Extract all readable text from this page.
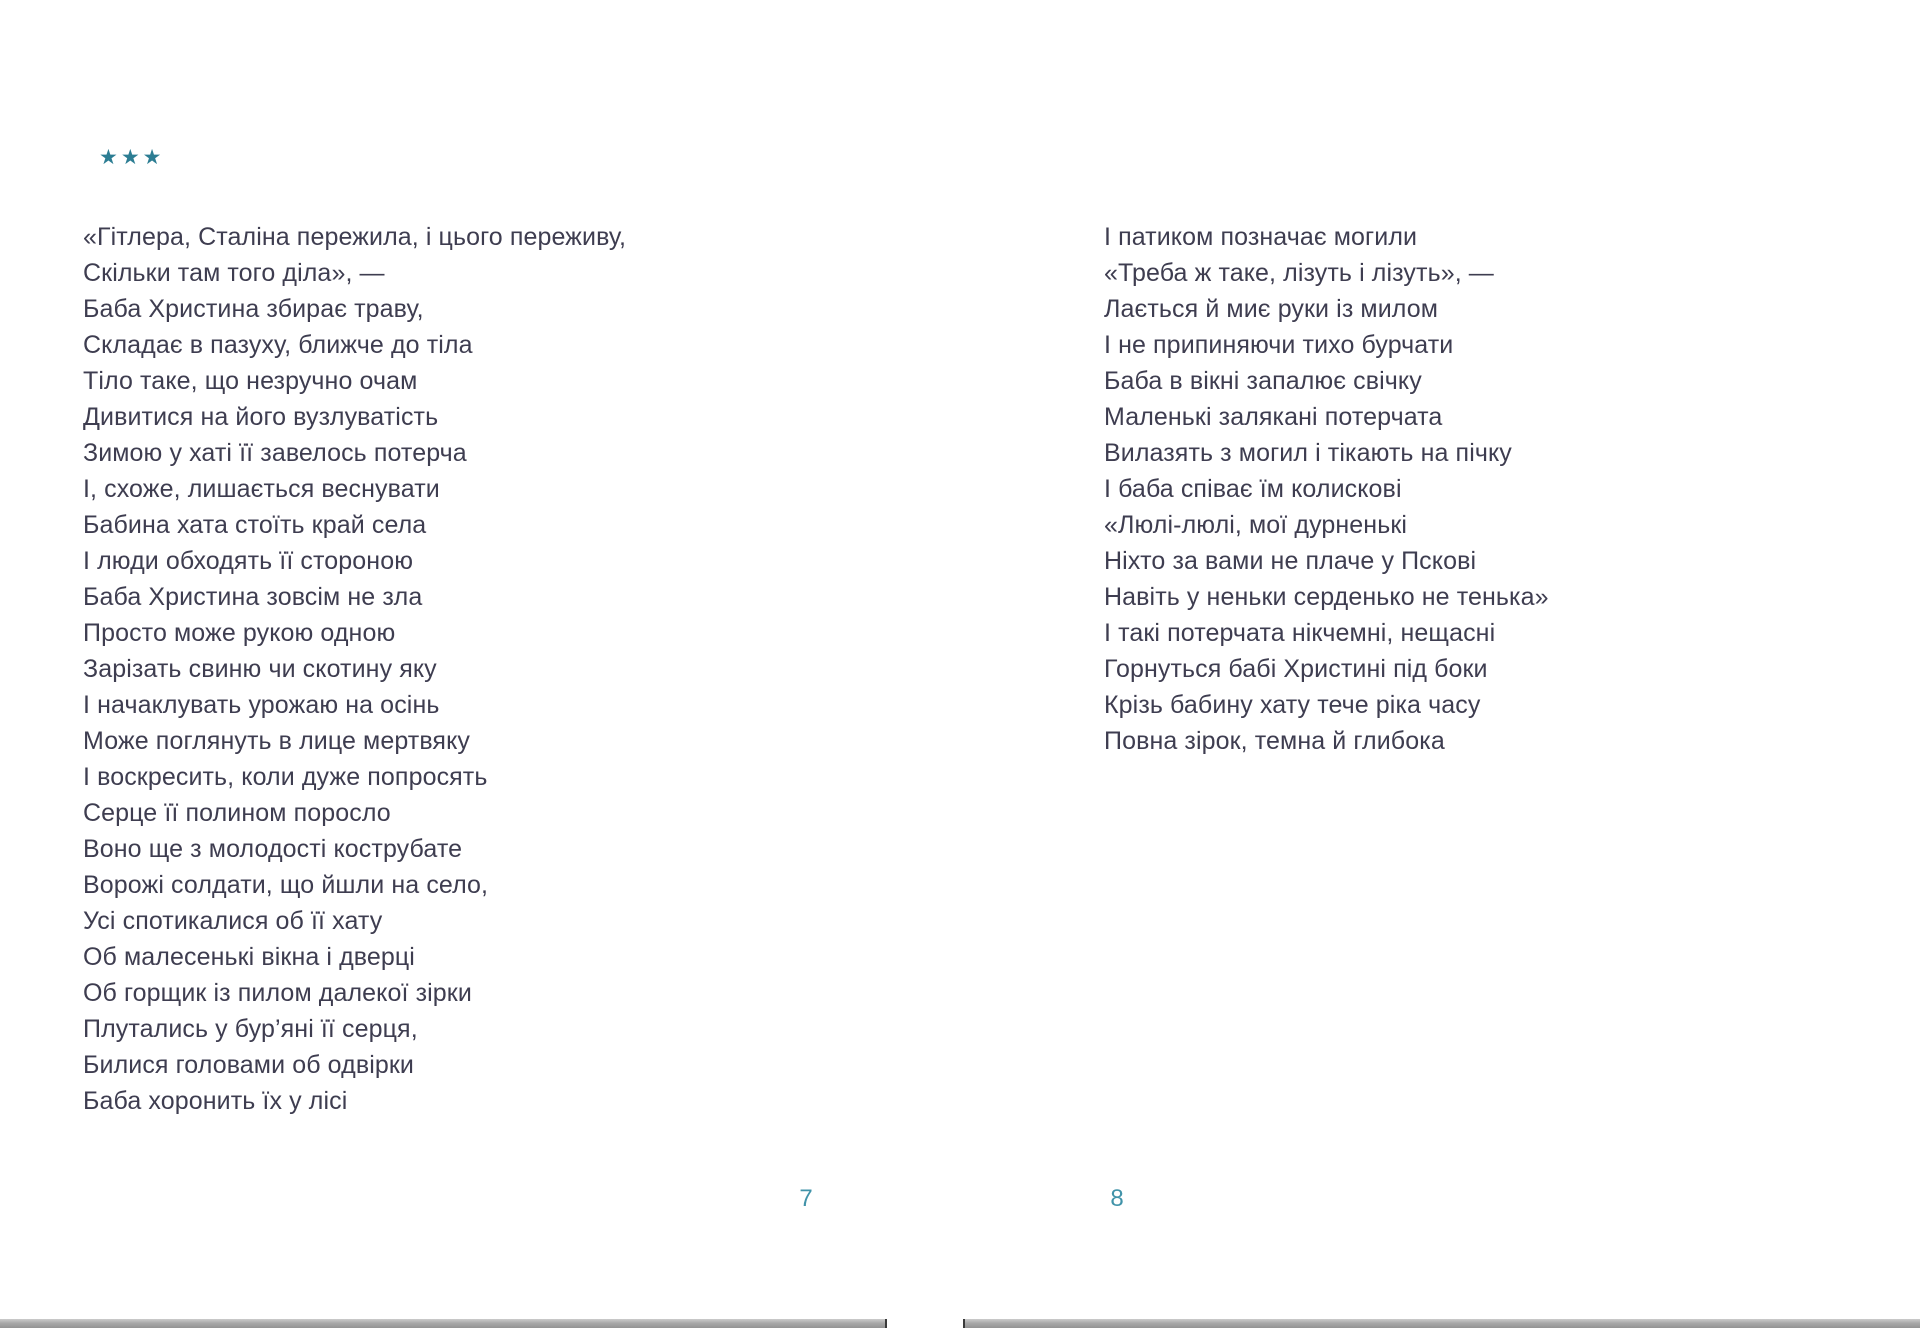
★★★
«Гітлера, Сталіна пережила, і цього переживу,
Скільки там того діла», —
Баба Христина збирає траву,
Складає в пазуху, ближче до тіла
Тіло таке, що незручно очам
Дивитися на його вузлуватість
Зимою у хаті її завелось потерча
І, схоже, лишається веснувати
Бабина хата стоїть край села
І люди обходять її стороною
Баба Христина зовсім не зла
Просто може рукою одною
Зарізать свиню чи скотину яку
І начаклувать урожаю на осінь
Може поглянуть в лице мертвяку
І воскресить, коли дуже попросять
Серце її полином поросло
Воно ще з молодості кострубате
Ворожі солдати, що йшли на село,
Усі спотикалися об її хату
Об малесенькі вікна і дверці
Об горщик із пилом далекої зірки
Плутались у бур’яні її серця,
Билися головами об одвірки
Баба хоронить їх у лісі
І патиком позначає могили
«Треба ж таке, лізуть і лізуть», —
Лається й миє руки із милом
І не припиняючи тихо бурчати
Баба в вікні запалює свічку
Маленькі залякані потерчата
Вилазять з могил і тікають на пічку
І баба співає їм колискові
«Люлі-люлі, мої дурненькі
Ніхто за вами не плаче у Пскові
Навіть у неньки серденько не тенька»
І такі потерчата нікчемні, нещасні
Горнуться бабі Христині під боки
Крізь бабину хату тече ріка часу
Повна зірок, темна й глибока
7	8
